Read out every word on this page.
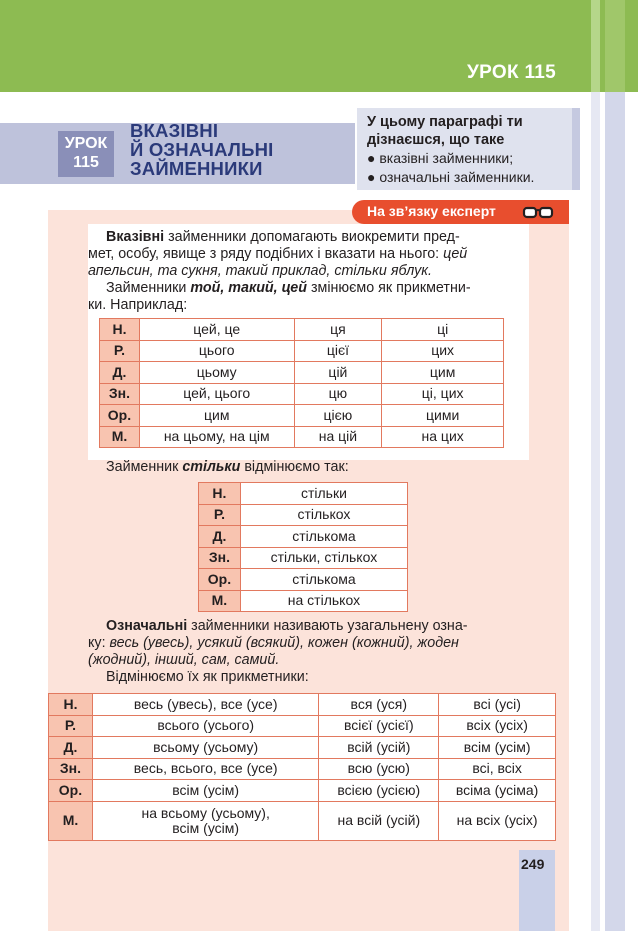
УРОК 115
УРОК
115
ВКАЗІВНІ
Й ОЗНАЧАЛЬНІ
ЗАЙМЕННИКИ
У цьому параграфі ти
дізнаєшся, що таке
● вказівні займенники;
● означальні займенники.
На зв’язку експерт
Вказівні займенники допомагають виокремити пред-
мет, особу, явище з ряду подібних і вказати на нього: цей
апельсин, та сукня, такий приклад, стільки яблук.
Займенники той, такий, цей змінюємо як прикметни-
ки. Наприклад:
Н.	цей, це	ця	ці
Р.	цього	цієї	цих
Д.	цьому	цій	цим
Зн.	цей, цього	цю	ці, цих
Ор.	цим	цією	цими
М.	на цьому, на цім	на цій	на цих
Займенник стільки відмінюємо так:
Н.	стільки
Р.	стількох
Д.	стількома
Зн.	стільки, стількох
Ор.	стількома
М.	на стількох
Означальні займенники називають узагальнену озна-
ку: весь (увесь), усякий (всякий), кожен (кожний), жоден
(жодний), інший, сам, самий.
Відмінюємо їх як прикметники:
Н.	весь (увесь), все (усе)	вся (уся)	всі (усі)
Р.	всього (усього)	всієї (усієї)	всіх (усіх)
Д.	всьому (усьому)	всій (усій)	всім (усім)
Зн.	весь, всього, все (усе)	всю (усю)	всі, всіх
Ор.	всім (усім)	всією (усією)	всіма (усіма)
М.	на всьому (усьому),
всім (усім)	на всій (усій)	на всіх (усіх)
249
